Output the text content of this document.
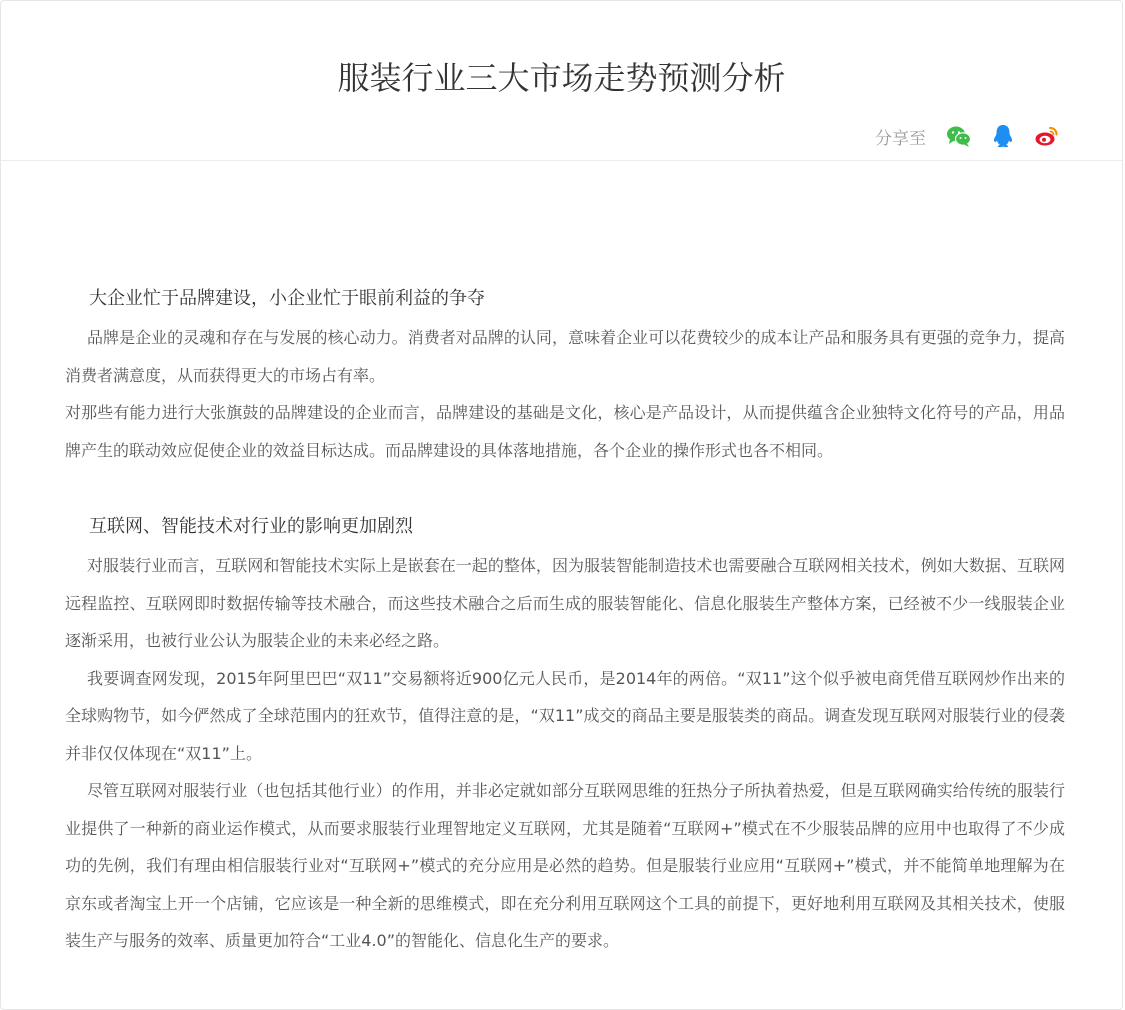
服装行业三大市场走势预测分析
分享至
大企业忙于品牌建设，小企业忙于眼前利益的争夺

品牌是企业的灵魂和存在与发展的核心动力。消费者对品牌的认同，意味着企业可以花费较少的成本让产品和服务具有更强的竞争力，提高消费者满意度，从而获得更大的市场占有率。

对那些有能力进行大张旗鼓的品牌建设的企业而言，品牌建设的基础是文化，核心是产品设计，从而提供蕴含企业独特文化符号的产品，用品牌产生的联动效应促使企业的效益目标达成。而品牌建设的具体落地措施，各个企业的操作形式也各不相同。

互联网、智能技术对行业的影响更加剧烈

对服装行业而言，互联网和智能技术实际上是嵌套在一起的整体，因为服装智能制造技术也需要融合互联网相关技术，例如大数据、互联网远程监控、互联网即时数据传输等技术融合，而这些技术融合之后而生成的服装智能化、信息化服装生产整体方案，已经被不少一线服装企业逐渐采用，也被行业公认为服装企业的未来必经之路。

我要调查网发现，2015年阿里巴巴“双11”交易额将近900亿元人民币，是2014年的两倍。“双11”这个似乎被电商凭借互联网炒作出来的全球购物节，如今俨然成了全球范围内的狂欢节，值得注意的是，“双11”成交的商品主要是服装类的商品。调查发现互联网对服装行业的侵袭并非仅仅体现在“双11”上。

尽管互联网对服装行业（也包括其他行业）的作用，并非必定就如部分互联网思维的狂热分子所执着热爱，但是互联网确实给传统的服装行业提供了一种新的商业运作模式，从而要求服装行业理智地定义互联网，尤其是随着“互联网+”模式在不少服装品牌的应用中也取得了不少成功的先例，我们有理由相信服装行业对“互联网+”模式的充分应用是必然的趋势。但是服装行业应用“互联网+”模式，并不能简单地理解为在京东或者淘宝上开一个店铺，它应该是一种全新的思维模式，即在充分利用互联网这个工具的前提下，更好地利用互联网及其相关技术，使服装生产与服务的效率、质量更加符合“工业4.0”的智能化、信息化生产的要求。
